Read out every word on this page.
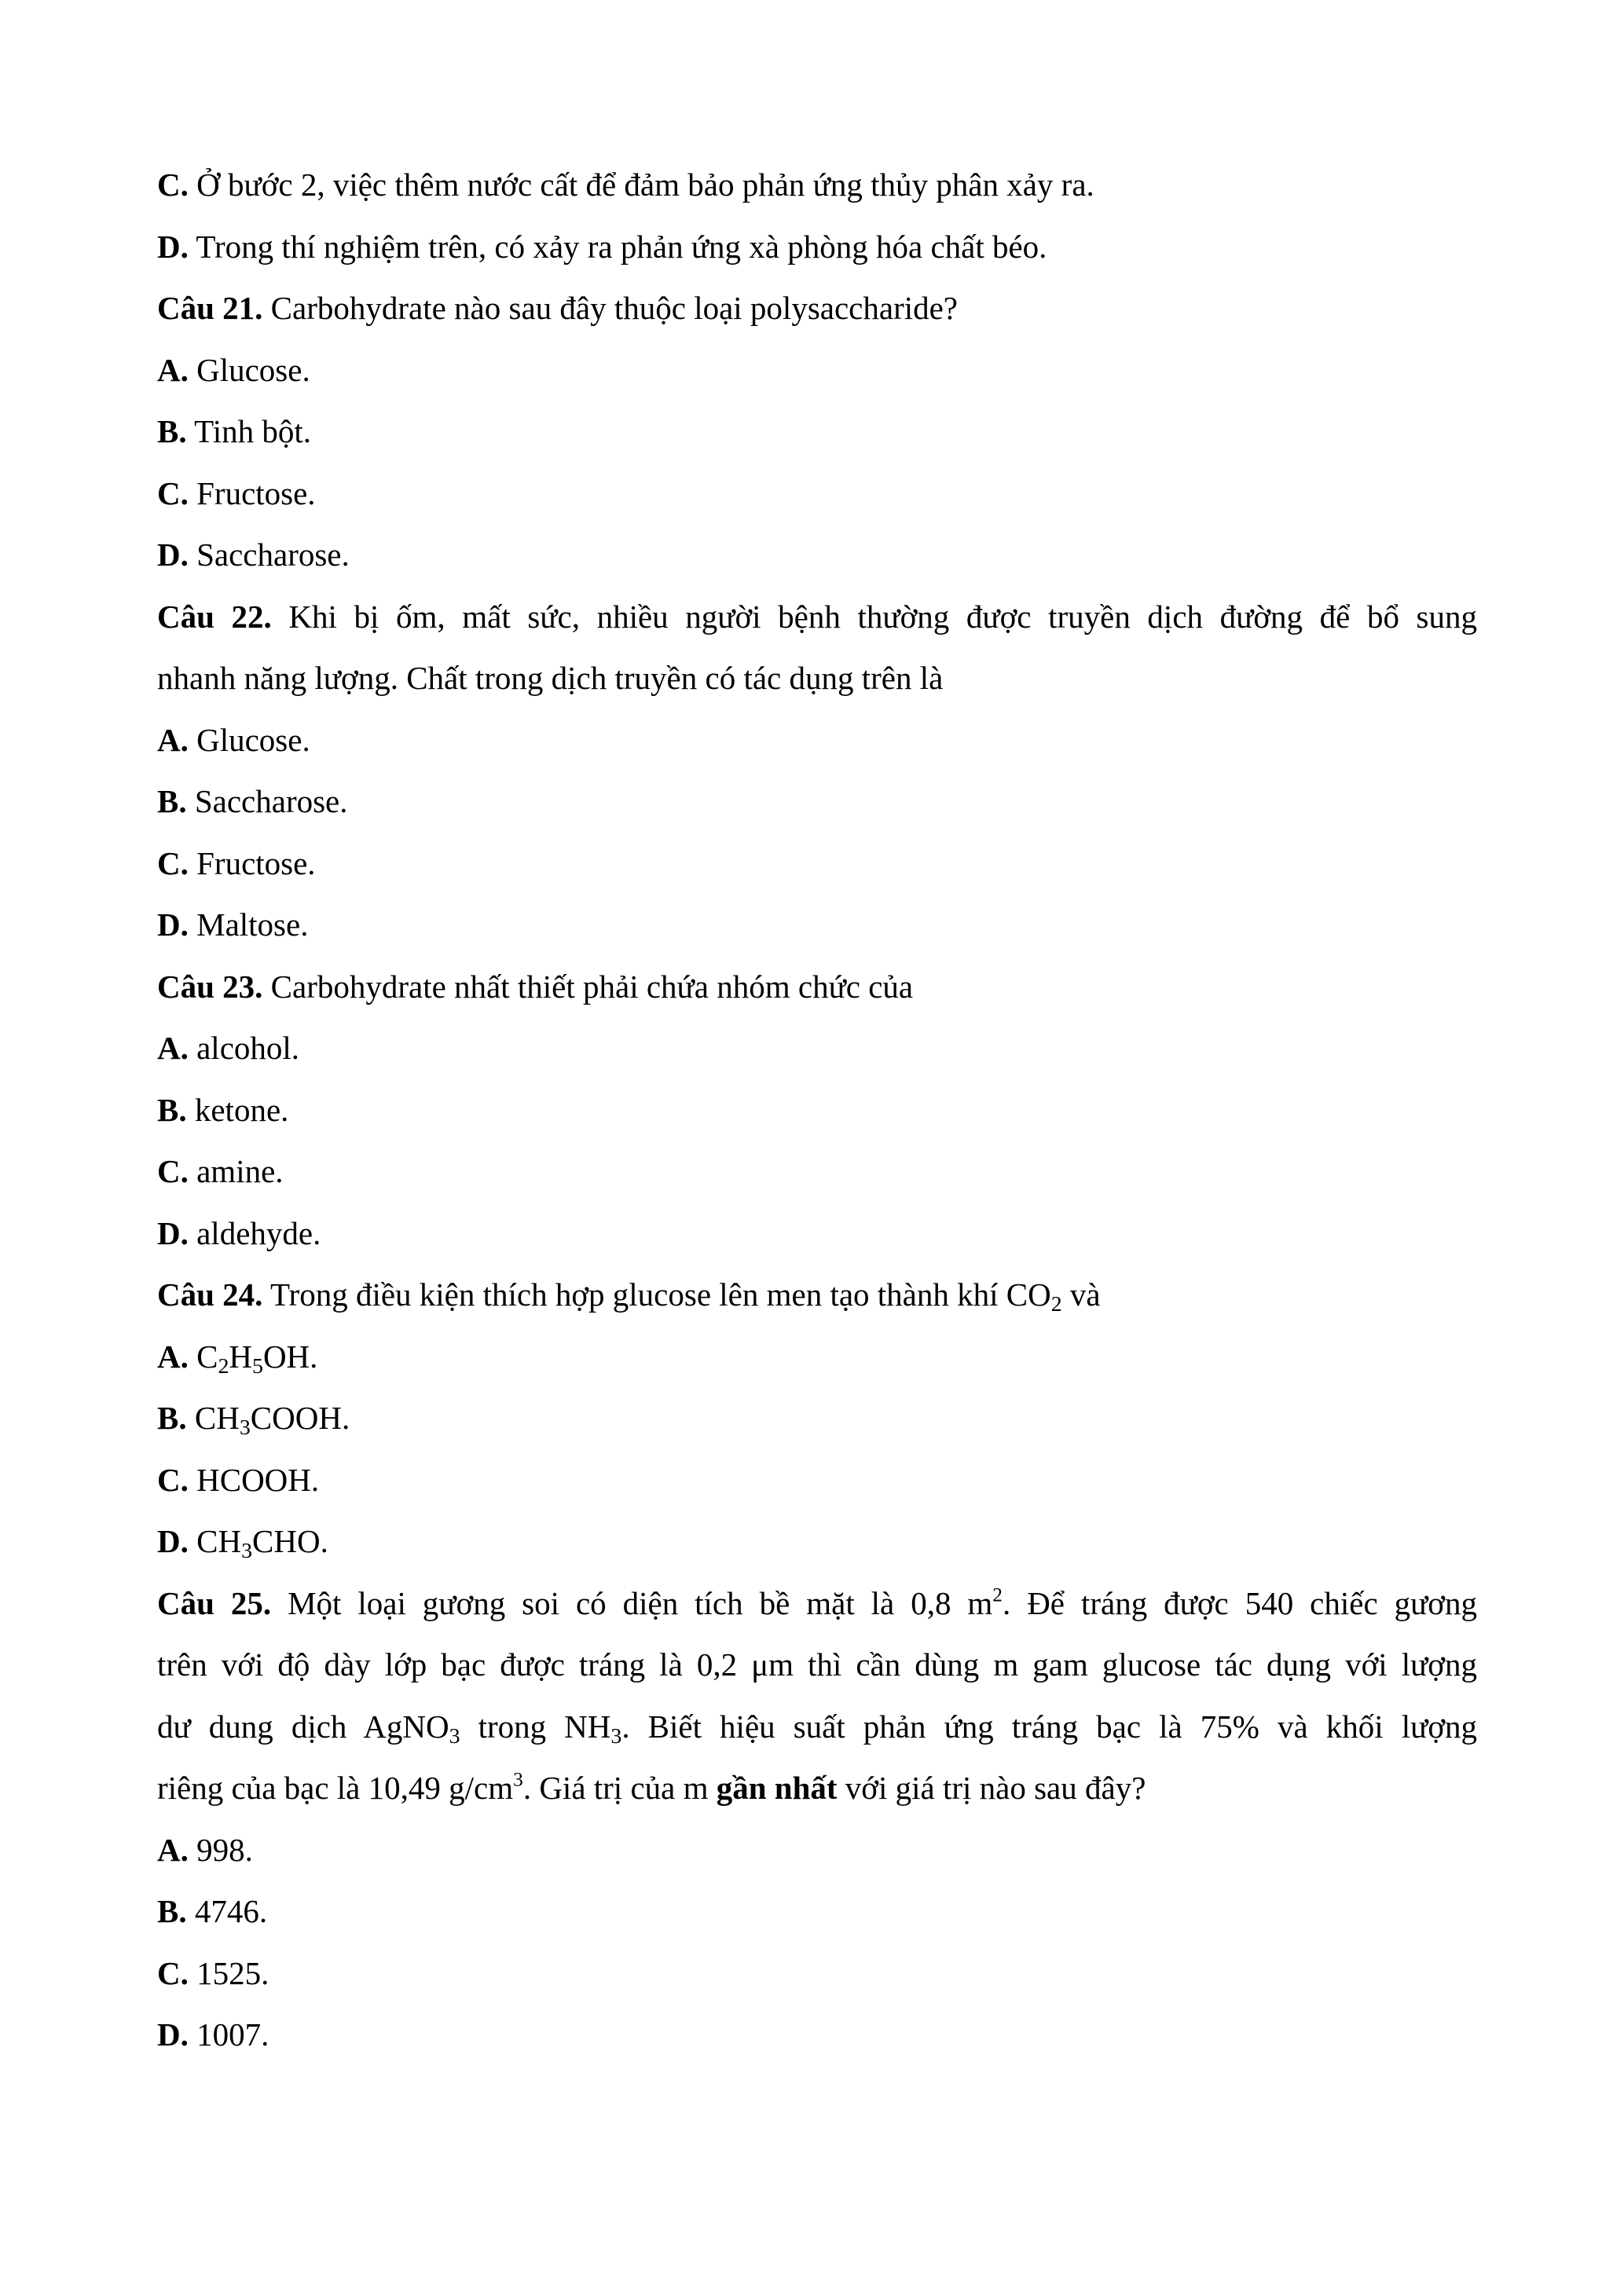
C. Ở bước 2, việc thêm nước cất để đảm bảo phản ứng thủy phân xảy ra.
D. Trong thí nghiệm trên, có xảy ra phản ứng xà phòng hóa chất béo.
Câu 21. Carbohydrate nào sau đây thuộc loại polysaccharide?
A. Glucose.
B. Tinh bột.
C. Fructose.
D. Saccharose.
Câu 22. Khi bị ốm, mất sức, nhiều người bệnh thường được truyền dịch đường để bổ sung
nhanh năng lượng. Chất trong dịch truyền có tác dụng trên là
A. Glucose.
B. Saccharose.
C. Fructose.
D. Maltose.
Câu 23. Carbohydrate nhất thiết phải chứa nhóm chức của
A. alcohol.
B. ketone.
C. amine.
D. aldehyde.
Câu 24. Trong điều kiện thích hợp glucose lên men tạo thành khí $CO_2$ và
A. $C_2H_5OH$.
B. $CH_3COOH$.
C. HCOOH.
D. $CH_3CHO$.
Câu 25. Một loại gương soi có diện tích bề mặt là 0,8 $m^2$. Để tráng được 540 chiếc gương
trên với độ dày lớp bạc được tráng là 0,2 μm thì cần dùng m gam glucose tác dụng với lượng
dư dung dịch AgNO$_3$ trong $NH_3$. Biết hiệu suất phản ứng tráng bạc là 75% và khối lượng
riêng của bạc là 10,49 $g/cm^3$. Giá trị của m gần nhất với giá trị nào sau đây?
A. 998.
B. 4746.
C. 1525.
D. 1007.
